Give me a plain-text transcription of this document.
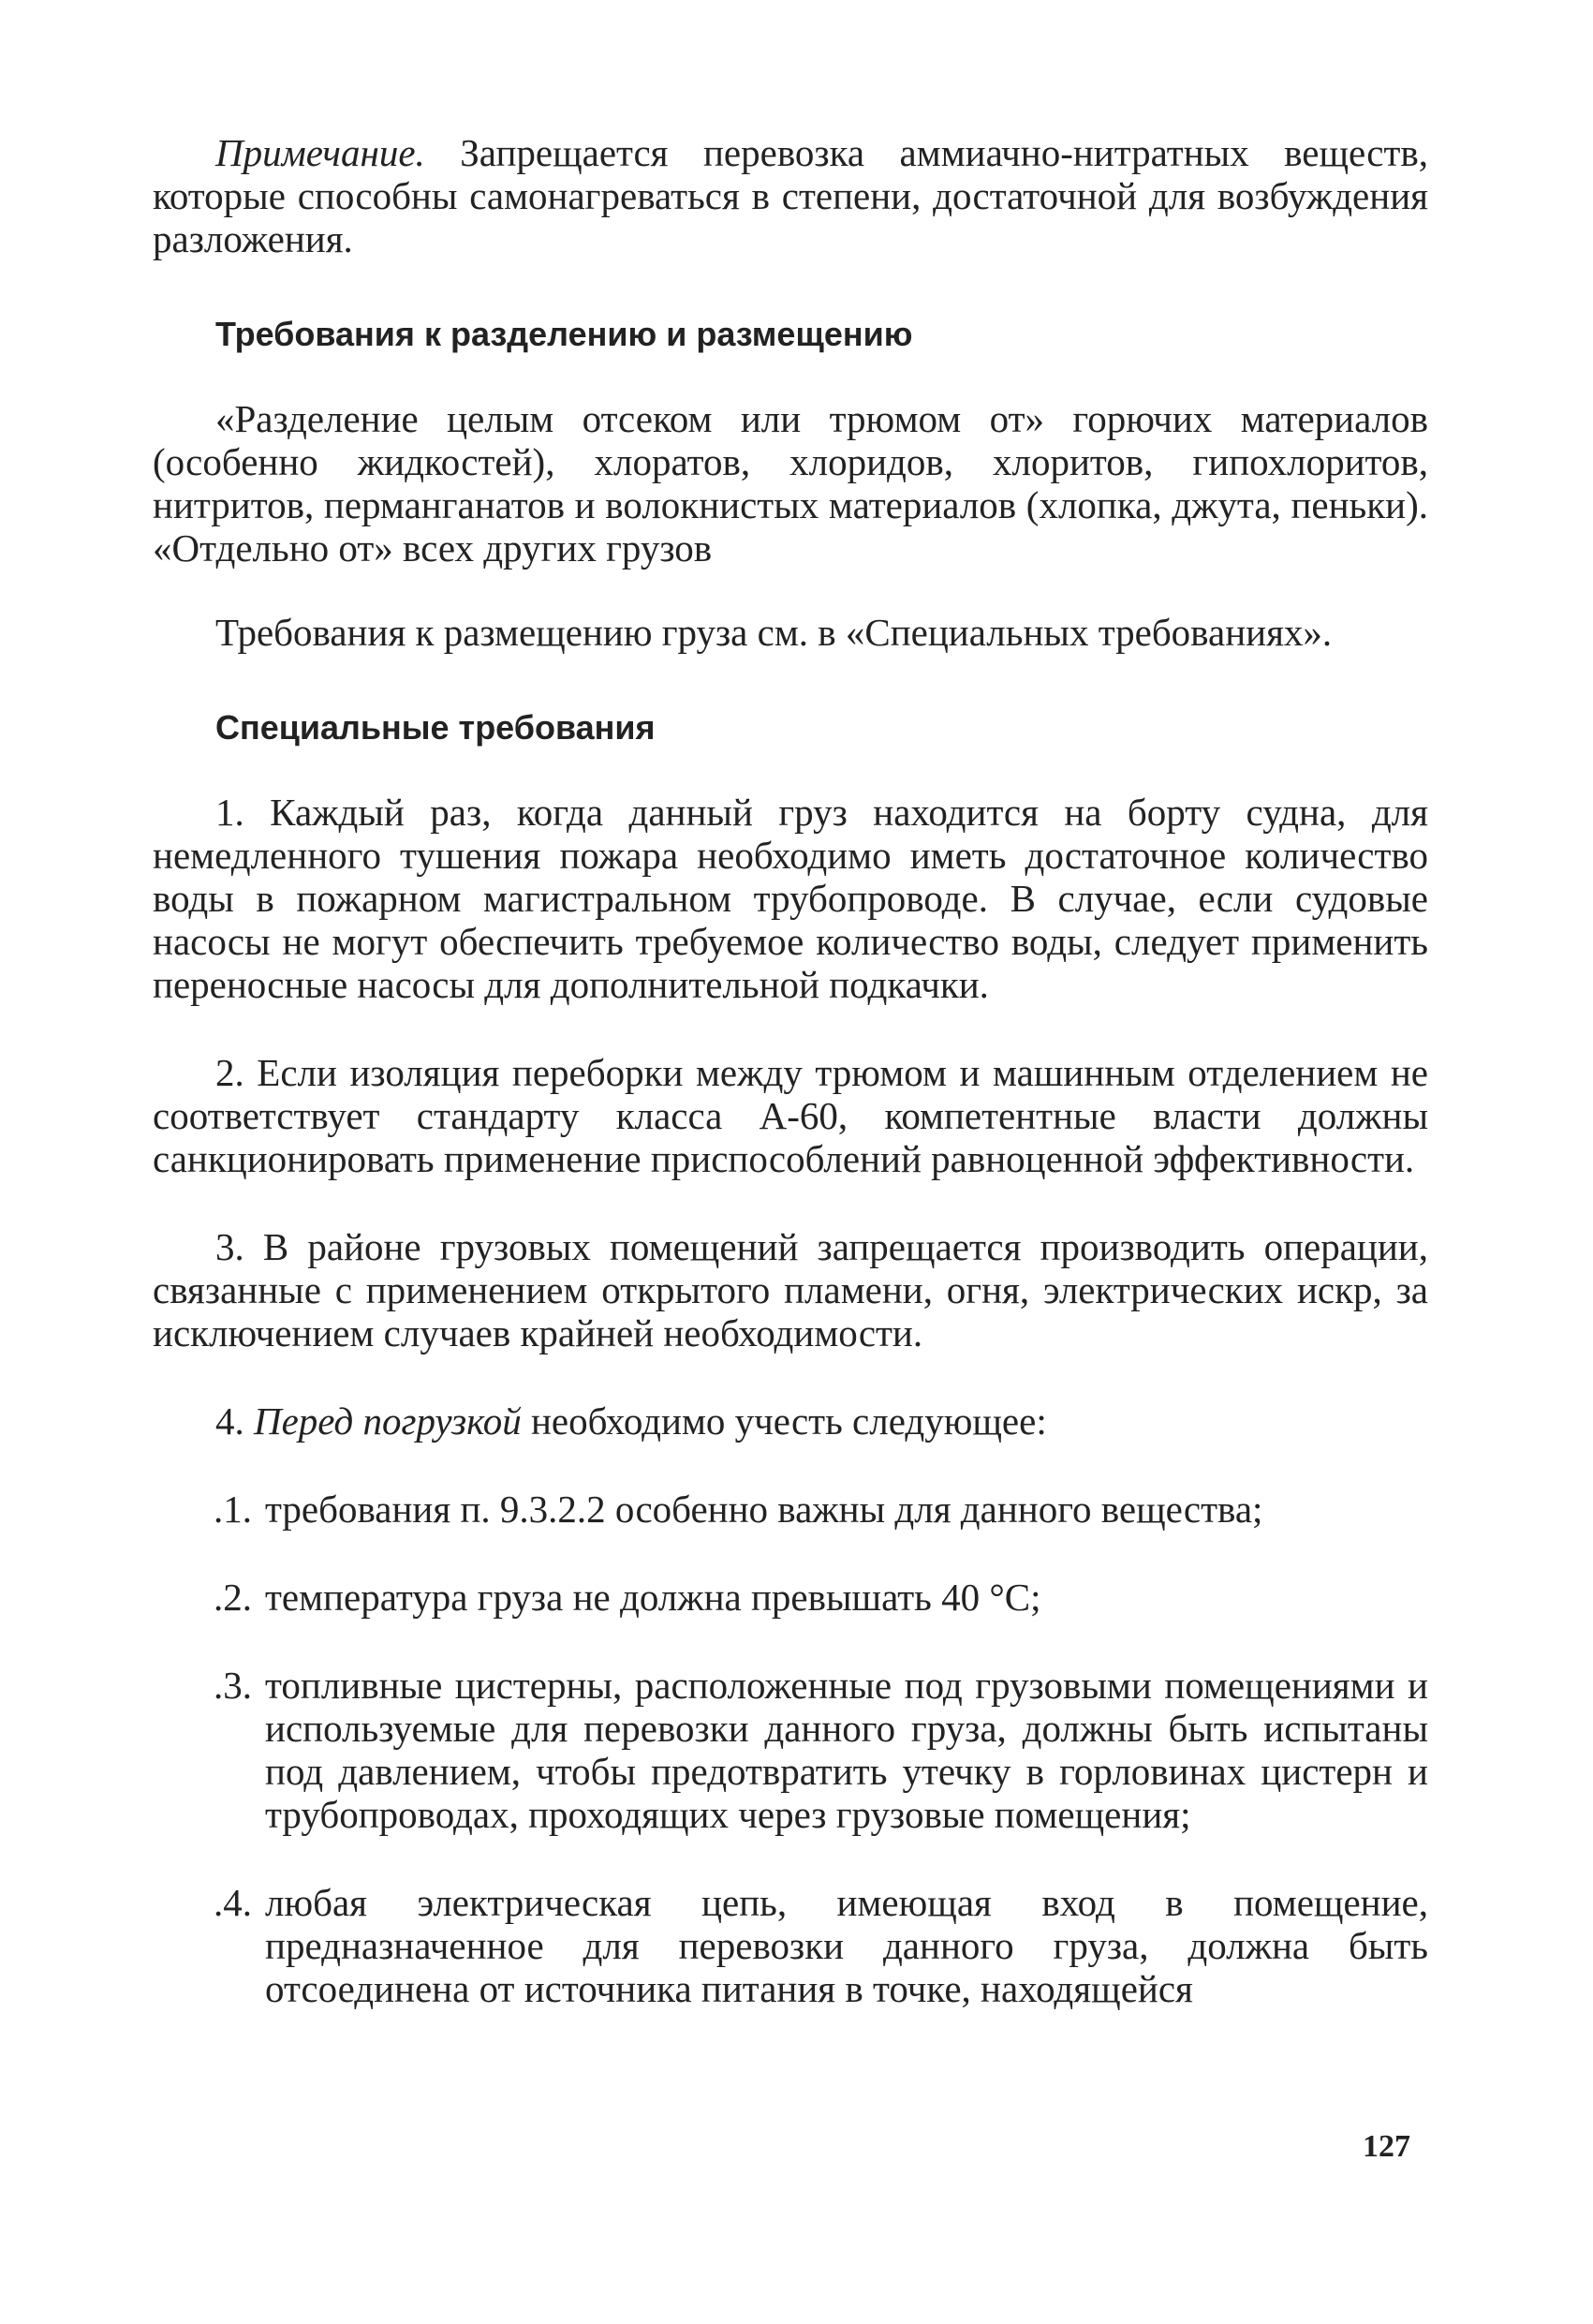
Примечание. Запрещается перевозка аммиачно-нитратных веществ, которые способны самонагреваться в степени, достаточной для возбуждения разложения.

Требования к разделению и размещению

«Разделение целым отсеком или трюмом от» горючих материалов (особенно жидкостей), хлоратов, хлоридов, хлоритов, гипохлоритов, нитритов, перманганатов и волокнистых материалов (хлопка, джута, пеньки). «Отдельно от» всех других грузов

Требования к размещению груза см. в «Специальных требованиях».

Специальные требования

1. Каждый раз, когда данный груз находится на борту судна, для немедленного тушения пожара необходимо иметь достаточное количество воды в пожарном магистральном трубопроводе. В случае, если судовые насосы не могут обеспечить требуемое количество воды, следует применить переносные насосы для дополнительной подкачки.

2. Если изоляция переборки между трюмом и машинным отделением не соответствует стандарту класса А-60, компетентные власти должны санкционировать применение приспособлений равноценной эффективности.

3. В районе грузовых помещений запрещается производить операции, связанные с применением открытого пламени, огня, электрических искр, за исключением случаев крайней необходимости.

4. Перед погрузкой необходимо учесть следующее:

.1. требования п. 9.3.2.2 особенно важны для данного вещества;
.2. температура груза не должна превышать 40 °С;
.3. топливные цистерны, расположенные под грузовыми помещениями и используемые для перевозки данного груза, должны быть испытаны под давлением, чтобы предотвратить утечку в горловинах цистерн и трубопроводах, проходящих через грузовые помещения;
.4. любая электрическая цепь, имеющая вход в помещение, предназначенное для перевозки данного груза, должна быть отсоединена от источника питания в точке, находящейся
127
